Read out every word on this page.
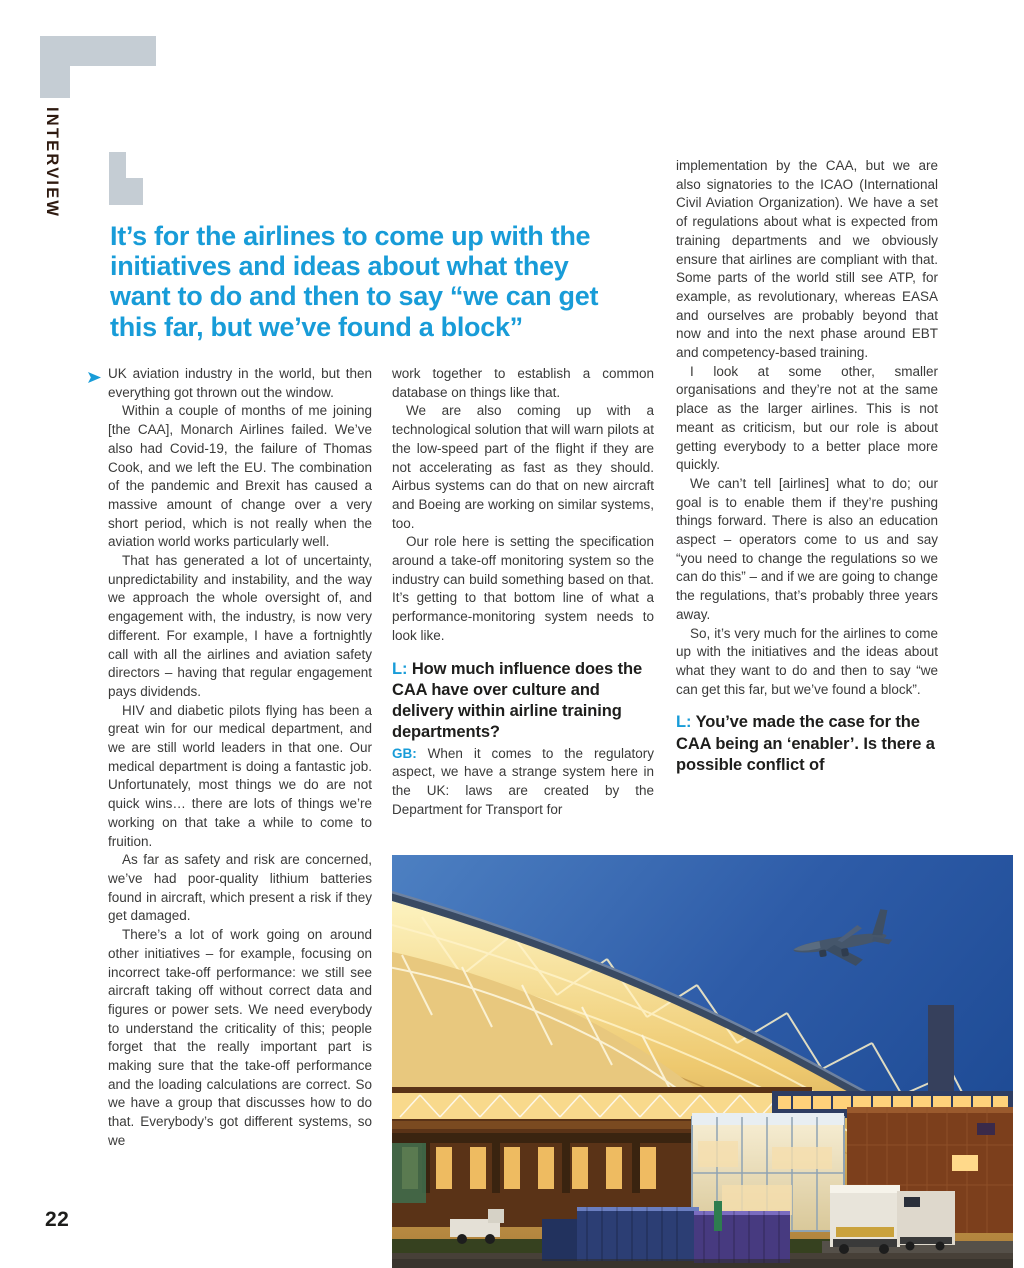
INTERVIEW
It’s for the airlines to come up with the
initiatives and ideas about what they
want to do and then to say “we can get
this far, but we’ve found a block”

UK aviation industry in the world, but then everything got thrown out the window.

Within a couple of months of me joining [the CAA], Monarch Airlines failed. We’ve also had Covid-19, the failure of Thomas Cook, and we left the EU. The combination of the pandemic and Brexit has caused a massive amount of change over a very short period, which is not really when the aviation world works particularly well.

That has generated a lot of uncertainty, unpredictability and instability, and the way we approach the whole oversight of, and engagement with, the industry, is now very different. For example, I have a fortnightly call with all the airlines and aviation safety directors – having that regular engagement pays dividends.

HIV and diabetic pilots flying has been a great win for our medical department, and we are still world leaders in that one. Our medical department is doing a fantastic job. Unfortunately, most things we do are not quick wins… there are lots of things we’re working on that take a while to come to fruition.

As far as safety and risk are concerned, we’ve had poor-quality lithium batteries found in aircraft, which present a risk if they get damaged.

There’s a lot of work going on around other initiatives – for example, focusing on incorrect take-off performance: we still see aircraft taking off without correct data and figures or power sets. We need everybody to understand the criticality of this; people forget that the really important part is making sure that the take-off performance and the loading calculations are correct. So we have a group that discusses how to do that. Everybody’s got different systems, so we

work together to establish a common database on things like that.

We are also coming up with a technological solution that will warn pilots at the low-speed part of the flight if they are not accelerating as fast as they should. Airbus systems can do that on new aircraft and Boeing are working on similar systems, too.

Our role here is setting the specification around a take-off monitoring system so the industry can build something based on that. It’s getting to that bottom line of what a performance-monitoring system needs to look like.

L: How much influence does the CAA have over culture and delivery within airline training departments?

GB: When it comes to the regulatory aspect, we have a strange system here in the UK: laws are created by the Department for Transport for

implementation by the CAA, but we are also signatories to the ICAO (International Civil Aviation Organization). We have a set of regulations about what is expected from training departments and we obviously ensure that airlines are compliant with that. Some parts of the world still see ATP, for example, as revolutionary, whereas EASA and ourselves are probably beyond that now and into the next phase around EBT and competency-based training.

I look at some other, smaller organisations and they’re not at the same place as the larger airlines. This is not meant as criticism, but our role is about getting everybody to a better place more quickly.

We can’t tell [airlines] what to do; our goal is to enable them if they’re pushing things forward. There is also an education aspect – operators come to us and say “you need to change the regulations so we can do this” – and if we are going to change the regulations, that’s probably three years away.

So, it’s very much for the airlines to come up with the initiatives and the ideas about what they want to do and then to say “we can get this far, but we’ve found a block”.

L: You’ve made the case for the CAA being an ‘enabler’. Is there a possible conflict of

22
